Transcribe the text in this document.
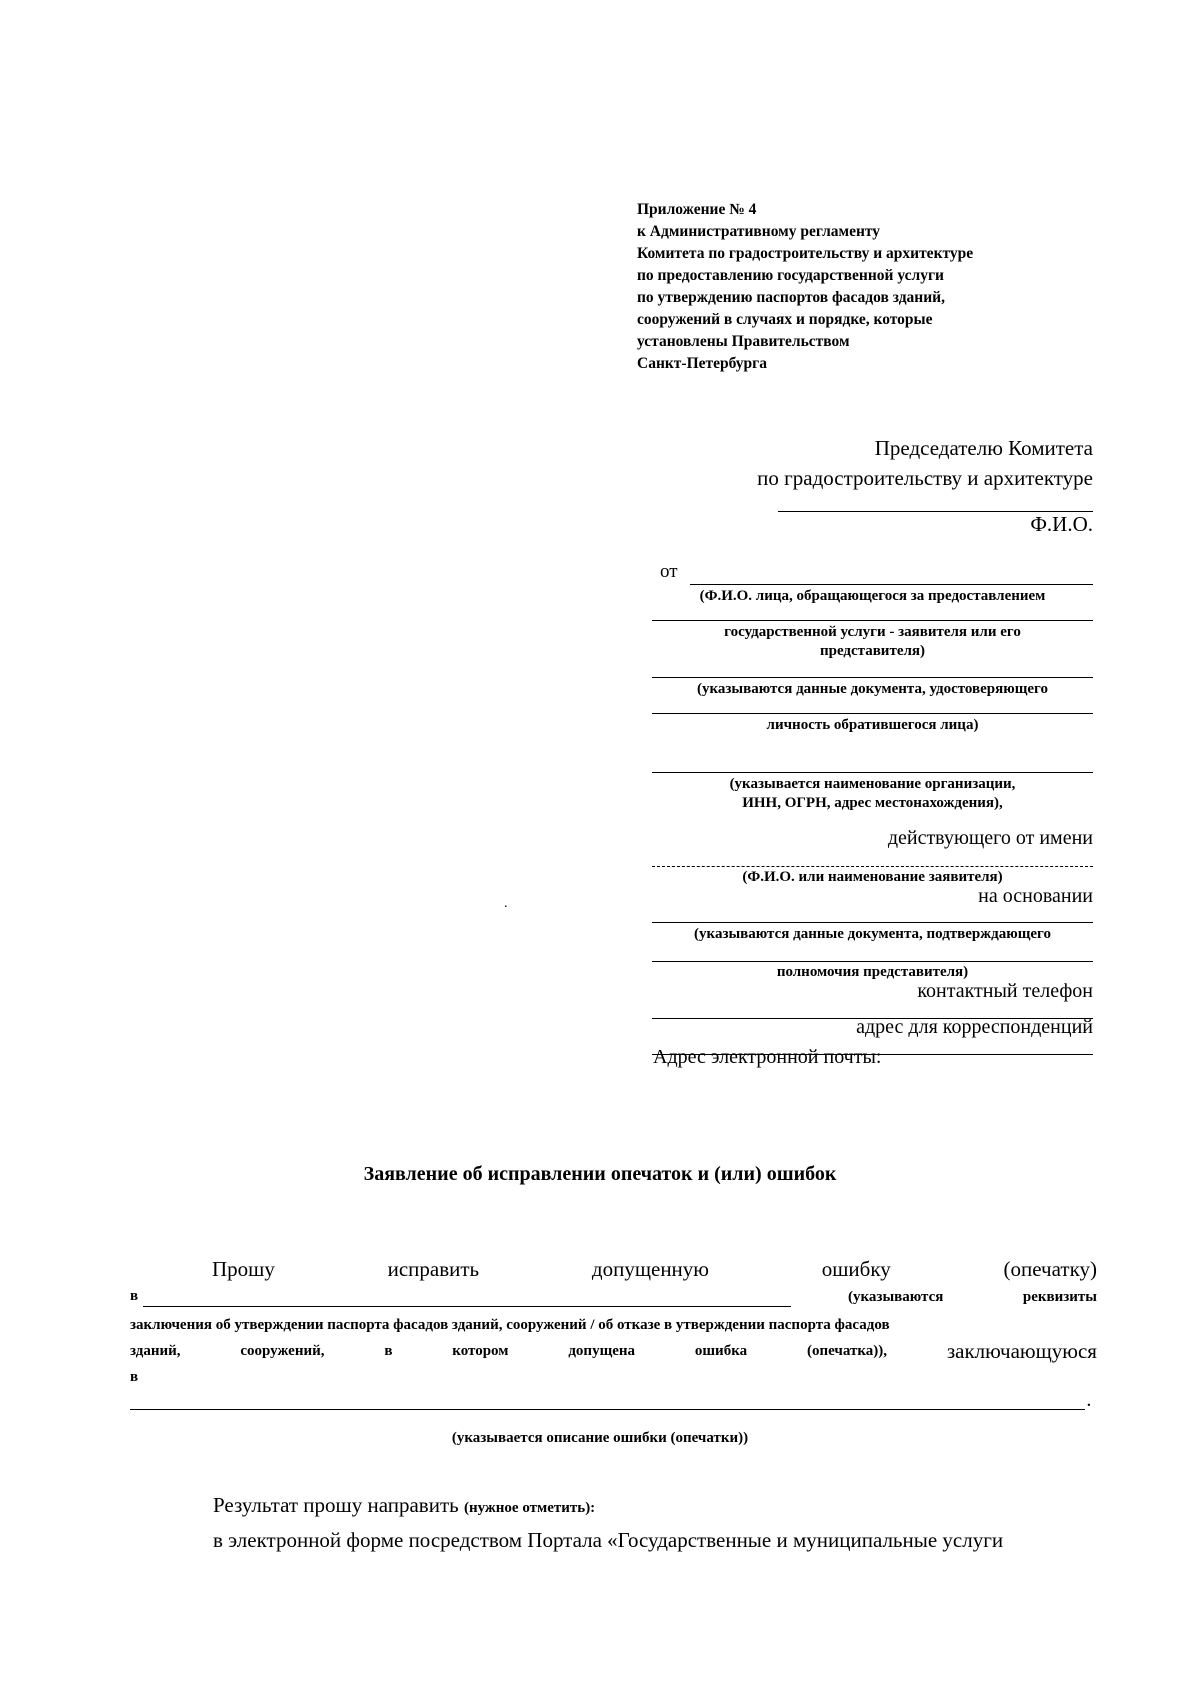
Приложение № 4
к Административному регламенту
Комитета по градостроительству и архитектуре
по предоставлению государственной услуги
по утверждению паспортов фасадов зданий,
сооружений в случаях и порядке, которые
установлены Правительством
Санкт-Петербурга
Председателю Комитета
по градостроительству и архитектуре
Ф.И.О.
от
(Ф.И.О. лица, обращающегося за предоставлением
государственной услуги - заявителя или его
представителя)
(указываются данные документа, удостоверяющего
личность обратившегося лица)
(указывается наименование организации,
ИНН, ОГРН, адрес местонахождения),
действующего от имени
(Ф.И.О. или наименование заявителя)
на основании
(указываются данные документа, подтверждающего
полномочия представителя)
контактный телефон
адрес для корреспонденций
Адрес электронной почты:
.
Заявление об исправлении опечаток и (или) ошибок
Прошу	исправить	допущенную	ошибку	(опечатку)
в	(указываются	реквизиты
заключения об утверждении паспорта фасадов зданий, сооружений / об отказе в утверждении паспорта фасадов
зданий,	сооружений,	в	котором	допущена	ошибка	(опечатка)),	заключающуюся
в
.
(указывается описание ошибки (опечатки))
Результат прошу направить (нужное отметить):
в электронной форме посредством Портала «Государственные и муниципальные услуги
